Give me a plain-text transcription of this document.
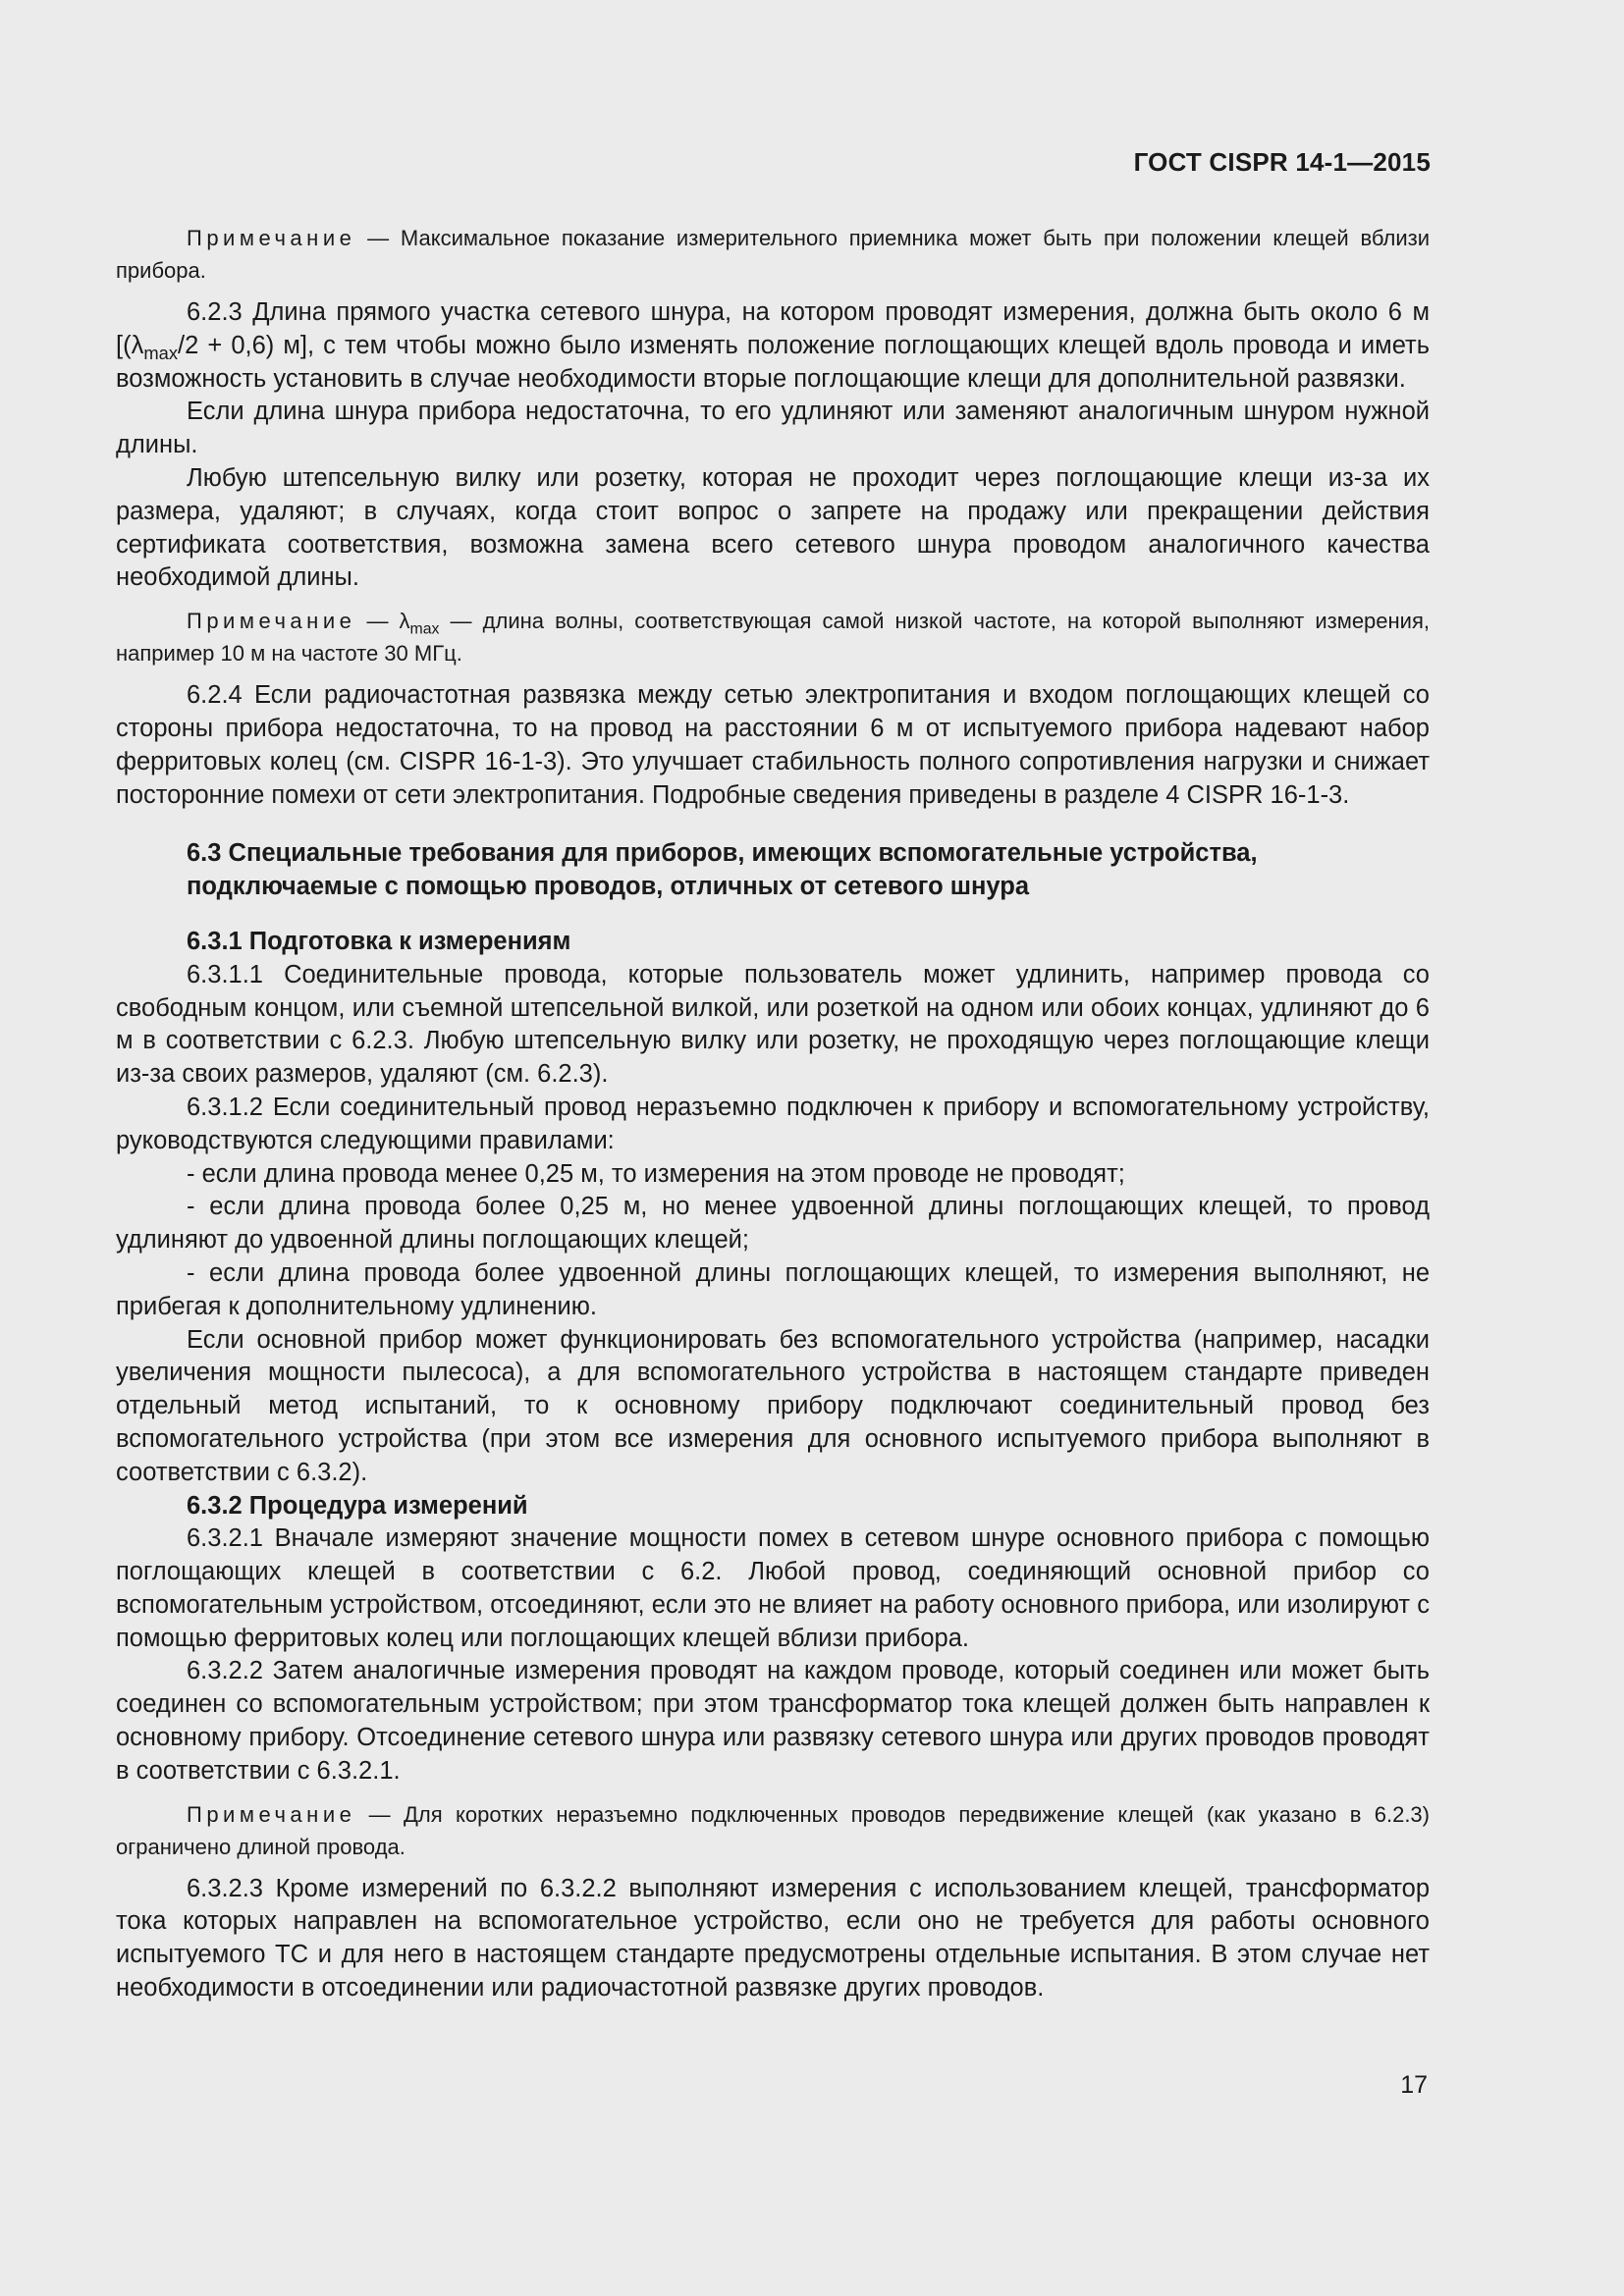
ГОСТ CISPR 14-1—2015

Примечание — Максимальное показание измерительного приемника может быть при положении клещей вблизи прибора.

6.2.3 Длина прямого участка сетевого шнура, на котором проводят измерения, должна быть около 6 м [$(\lambda_{max}/2 + 0,6)$ м], с тем чтобы можно было изменять положение поглощающих клещей вдоль провода и иметь возможность установить в случае необходимости вторые поглощающие клещи для дополнительной развязки.

Если длина шнура прибора недостаточна, то его удлиняют или заменяют аналогичным шнуром нужной длины.

Любую штепсельную вилку или розетку, которая не проходит через поглощающие клещи из-за их размера, удаляют; в случаях, когда стоит вопрос о запрете на продажу или прекращении действия сертификата соответствия, возможна замена всего сетевого шнура проводом аналогичного качества необходимой длины.

Примечание — $\lambda_{max}$ — длина волны, соответствующая самой низкой частоте, на которой выполняют измерения, например 10 м на частоте 30 МГц.

6.2.4 Если радиочастотная развязка между сетью электропитания и входом поглощающих клещей со стороны прибора недостаточна, то на провод на расстоянии 6 м от испытуемого прибора надевают набор ферритовых колец (см. CISPR 16-1-3). Это улучшает стабильность полного сопротивления нагрузки и снижает посторонние помехи от сети электропитания. Подробные сведения приведены в разделе 4 CISPR 16-1-3.

6.3 Специальные требования для приборов, имеющих вспомогательные устройства,

подключаемые с помощью проводов, отличных от сетевого шнура

6.3.1 Подготовка к измерениям

6.3.1.1 Соединительные провода, которые пользователь может удлинить, например провода со свободным концом, или съемной штепсельной вилкой, или розеткой на одном или обоих концах, удлиняют до 6 м в соответствии с 6.2.3. Любую штепсельную вилку или розетку, не проходящую через поглощающие клещи из-за своих размеров, удаляют (см. 6.2.3).

6.3.1.2 Если соединительный провод неразъемно подключен к прибору и вспомогательному устройству, руководствуются следующими правилами:

- если длина провода менее 0,25 м, то измерения на этом проводе не проводят;

- если длина провода более 0,25 м, но менее удвоенной длины поглощающих клещей, то провод удлиняют до удвоенной длины поглощающих клещей;

- если длина провода более удвоенной длины поглощающих клещей, то измерения выполняют, не прибегая к дополнительному удлинению.

Если основной прибор может функционировать без вспомогательного устройства (например, насадки увеличения мощности пылесоса), а для вспомогательного устройства в настоящем стандарте приведен отдельный метод испытаний, то к основному прибору подключают соединительный провод без вспомогательного устройства (при этом все измерения для основного испытуемого прибора выполняют в соответствии с 6.3.2).

6.3.2 Процедура измерений

6.3.2.1 Вначале измеряют значение мощности помех в сетевом шнуре основного прибора с помощью поглощающих клещей в соответствии с 6.2. Любой провод, соединяющий основной прибор со вспомогательным устройством, отсоединяют, если это не влияет на работу основного прибора, или изолируют с помощью ферритовых колец или поглощающих клещей вблизи прибора.

6.3.2.2 Затем аналогичные измерения проводят на каждом проводе, который соединен или может быть соединен со вспомогательным устройством; при этом трансформатор тока клещей должен быть направлен к основному прибору. Отсоединение сетевого шнура или развязку сетевого шнура или других проводов проводят в соответствии с 6.3.2.1.

Примечание — Для коротких неразъемно подключенных проводов передвижение клещей (как указано в 6.2.3) ограничено длиной провода.

6.3.2.3 Кроме измерений по 6.3.2.2 выполняют измерения с использованием клещей, трансформатор тока которых направлен на вспомогательное устройство, если оно не требуется для работы основного испытуемого ТС и для него в настоящем стандарте предусмотрены отдельные испытания. В этом случае нет необходимости в отсоединении или радиочастотной развязке других проводов.

17
